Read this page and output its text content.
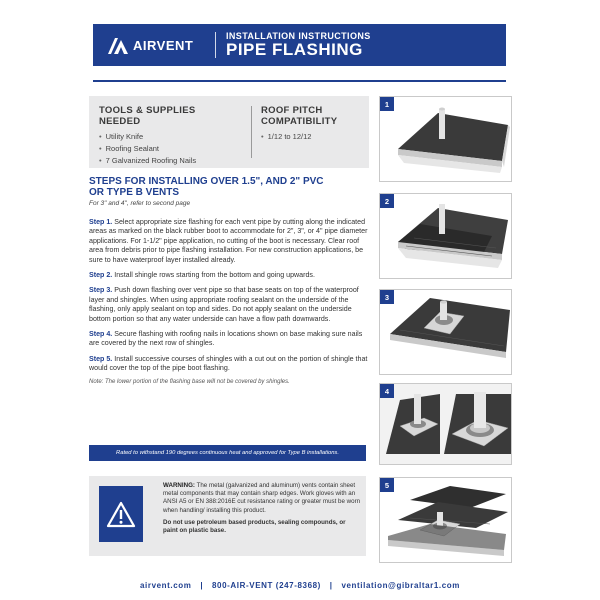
AIRVENT
INSTALLATION INSTRUCTIONS
PIPE FLASHING
TOOLS & SUPPLIES NEEDED
• Utility Knife
• Roofing Sealant
• 7 Galvanized Roofing Nails
ROOF PITCH
COMPATIBILITY
• 1/12 to 12/12
STEPS FOR INSTALLING OVER 1.5", AND 2" PVC
OR TYPE B VENTS
For 3" and 4", refer to second page

Step 1. Select appropriate size flashing for each vent pipe by cutting along the indicated areas as marked on the black rubber boot to accommodate for 2", 3", or 4" pipe diameter applications. For 1-1/2" pipe application, no cutting of the boot is necessary. Clear roof area from debris prior to pipe flashing installation. For new construction applications, be sure to have waterproof layer installed already.

Step 2. Install shingle rows starting from the bottom and going upwards.

Step 3. Push down flashing over vent pipe so that base seats on top of the waterproof layer and shingles. When using appropriate roofing sealant on the underside of the flashing, only apply sealant on top and sides. Do not apply sealant on the underside bottom portion so that any water underside can have a flow path downwards.

Step 4. Secure flashing with roofing nails in locations shown on base making sure nails are covered by the next row of shingles.

Step 5. Install successive courses of shingles with a cut out on the portion of shingle that would cover the top of the pipe boot flashing.

Note: The lower portion of the flashing base will not be covered by shingles.

Rated to withstand 190 degrees continuous heat and approved for Type B installations.
WARNING: The metal (galvanized and aluminum) vents contain sheet metal components that may contain sharp edges. Work gloves with an ANSI A5 or EN 388:2016E cut resistance rating or greater must be worn when handling/ installing this product.
Do not use petroleum based products, sealing compounds, or paint on plastic base.
1
2
3
4
5
airvent.com | 800-AIR-VENT (247-8368) | ventilation@gibraltar1.com
